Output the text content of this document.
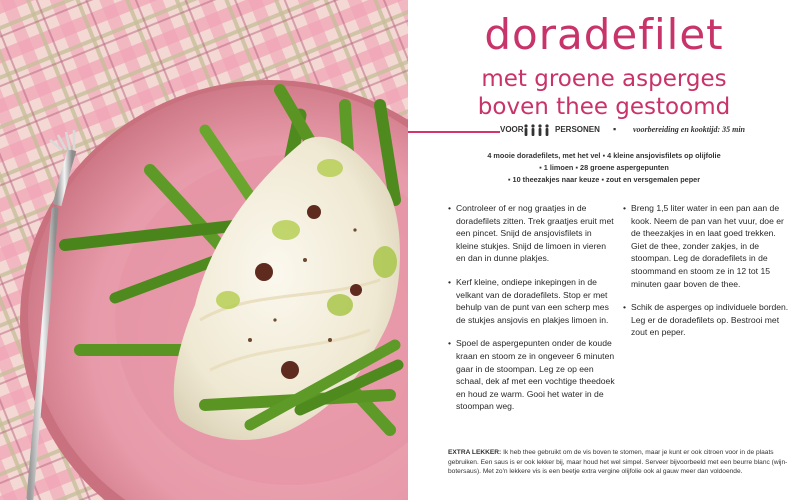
doradefilet
met groene asperges
boven thee gestoomd
VOOR	PERSONEN ▪ voorbereiding en kooktijd: 35 min
4 mooie doradefilets, met het vel ▪ 4 kleine ansjovisfilets op olijfolie
▪ 1 limoen ▪ 28 groene aspergepunten
▪ 10 theezakjes naar keuze ▪ zout en versgemalen peper
• Controleer of er nog graatjes in de doradefilets zitten. Trek graatjes eruit met een pincet. Snijd de ansjovisfilets in kleine stukjes. Snijd de limoen in vieren en dan in dunne plakjes.
• Kerf kleine, ondiepe inkepingen in de velkant van de doradefilets. Stop er met behulp van de punt van een scherp mes de stukjes ansjovis en plakjes limoen in.
• Spoel de aspergepunten onder de koude kraan en stoom ze in ongeveer 6 minuten gaar in de stoompan. Leg ze op een schaal, dek af met een vochtige theedoek en houd ze warm. Gooi het water in de stoompan weg.
• Breng 1,5 liter water in een pan aan de kook. Neem de pan van het vuur, doe er de theezakjes in en laat goed trekken. Giet de thee, zonder zakjes, in de stoompan. Leg de doradefilets in de stoommand en stoom ze in 12 tot 15 minuten gaar boven de thee.
• Schik de asperges op individuele borden. Leg er de doradefilets op. Bestrooi met zout en peper.
EXTRA LEKKER: Ik heb thee gebruikt om de vis boven te stomen, maar je kunt er ook citroen voor in de plaats gebruiken. Een saus is er ook lekker bij, maar houd het wel simpel. Serveer bijvoorbeeld met een beurre blanc (wijn-botersaus). Met zo'n lekkere vis is een beetje extra vergine olijfolie ook al gauw meer dan voldoende.
